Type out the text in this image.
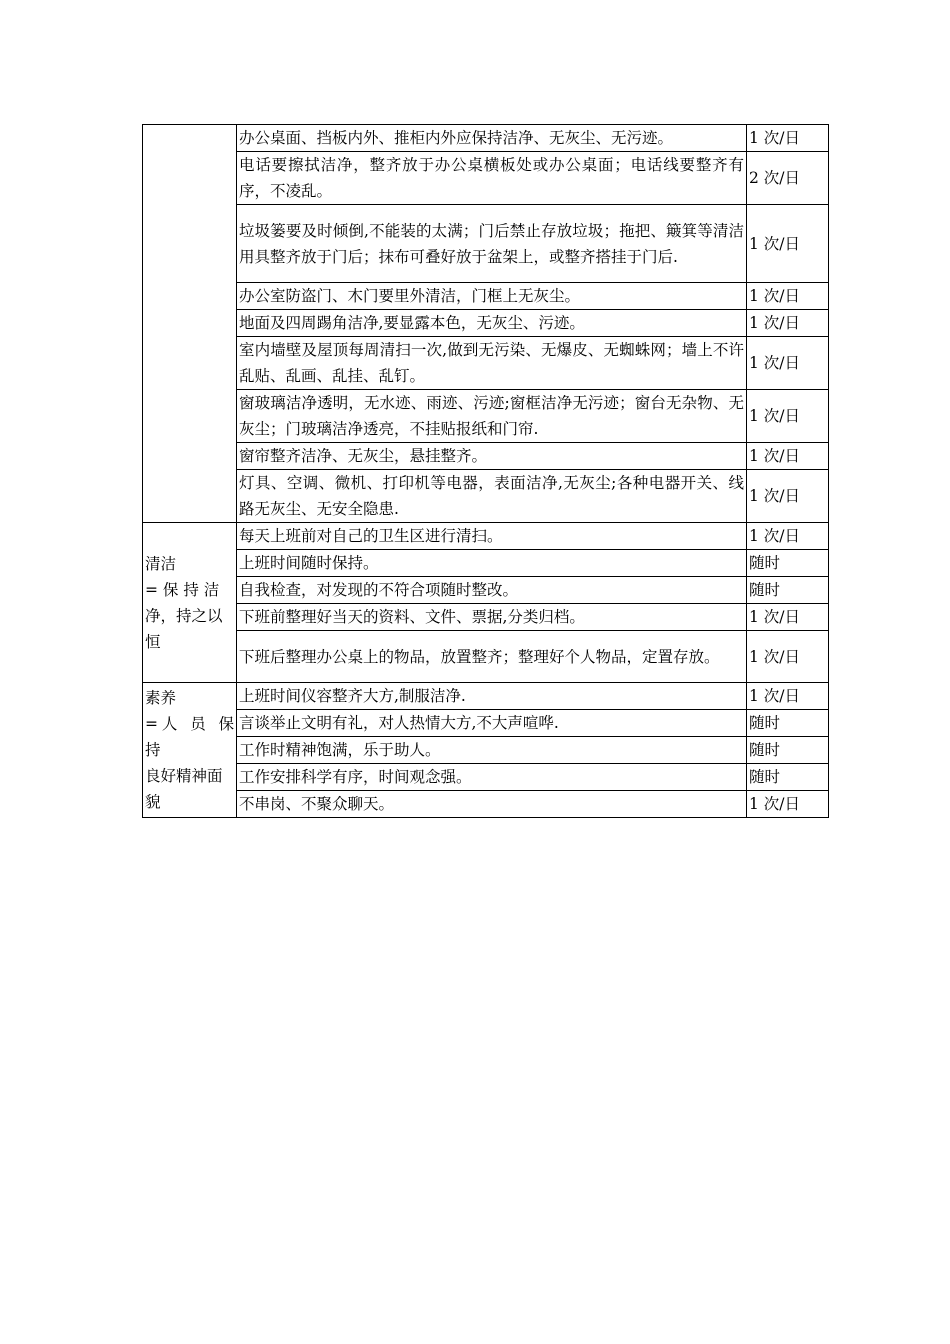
	办公桌面、挡板内外、推柜内外应保持洁净、无灰尘、无污迹。	1 次/日
	电话要擦拭洁净，整齐放于办公桌横板处或办公桌面；电话线要整齐有序，不凌乱。	2 次/日
	垃圾篓要及时倾倒,不能装的太满；门后禁止存放垃圾；拖把、簸箕等清洁用具整齐放于门后；抹布可叠好放于盆架上，或整齐搭挂于门后.	1 次/日
	办公室防盗门、木门要里外清洁，门框上无灰尘。	1 次/日
	地面及四周踢角洁净,要显露本色，无灰尘、污迹。	1 次/日
	室内墙壁及屋顶每周清扫一次,做到无污染、无爆皮、无蜘蛛网；墙上不许乱贴、乱画、乱挂、乱钉。	1 次/日
	窗玻璃洁净透明，无水迹、雨迹、污迹;窗框洁净无污迹；窗台无杂物、无灰尘；门玻璃洁净透亮，不挂贴报纸和门帘.	1 次/日
	窗帘整齐洁净、无灰尘，悬挂整齐。	1 次/日
	灯具、空调、微机、打印机等电器，表面洁净,无灰尘;各种电器开关、线路无灰尘、无安全隐患.	1 次/日

清洁
= 保 持 洁
净，持之以
恒	每天上班前对自己的卫生区进行清扫。	1 次/日
	上班时间随时保持。	随时
	自我检查，对发现的不符合项随时整改。	随时
	下班前整理好当天的资料、文件、票据,分类归档。	1 次/日
	下班后整理办公桌上的物品，放置整齐；整理好个人物品，定置存放。	1 次/日

素养
=人 员 保 持
良好精神面
貌	上班时间仪容整齐大方,制服洁净.	1 次/日
	言谈举止文明有礼，对人热情大方,不大声喧哗.	随时
	工作时精神饱满，乐于助人。	随时
	工作安排科学有序，时间观念强。	随时
	不串岗、不聚众聊天。	1 次/日
